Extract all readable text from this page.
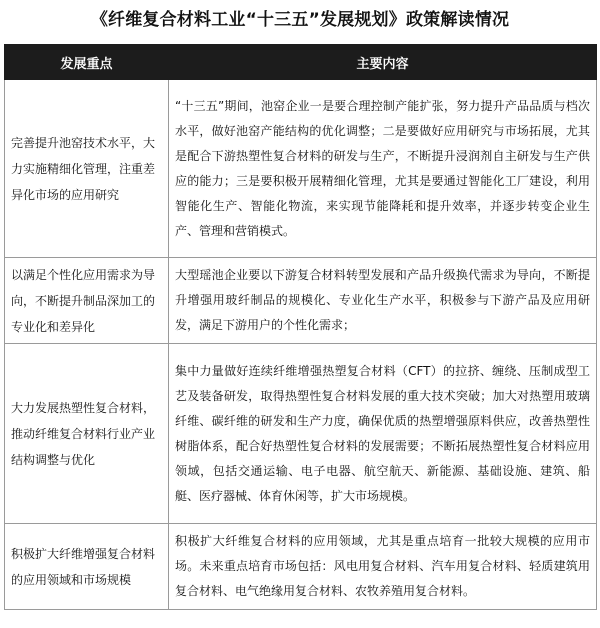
《纤维复合材料工业“十三五”发展规划》政策解读情况
发展重点	主要内容
完善提升池窑技术水平，大力实施精细化管理，注重差异化市场的应用研究	“十三五”期间，池窑企业一是要合理控制产能扩张，努力提升产品品质与档次水平，做好池窑产能结构的优化调整；二是要做好应用研究与市场拓展，尤其是配合下游热塑性复合材料的研发与生产，不断提升浸润剂自主研发与生产供应的能力；三是要积极开展精细化管理，尤其是要通过智能化工厂建设，利用智能化生产、智能化物流，来实现节能降耗和提升效率，并逐步转变企业生产、管理和营销模式。
以满足个性化应用需求为导向，不断提升制品深加工的专业化和差异化	大型瑶池企业要以下游复合材料转型发展和产品升级换代需求为导向，不断提升增强用玻纤制品的规模化、专业化生产水平，积极参与下游产品及应用研发，满足下游用户的个性化需求；
大力发展热塑性复合材料，推动纤维复合材料行业产业结构调整与优化	集中力量做好连续纤维增强热塑复合材料（CFT）的拉挤、缠绕、压制成型工艺及装备研发，取得热塑性复合材料发展的重大技术突破；加大对热塑用玻璃纤维、碳纤维的研发和生产力度，确保优质的热塑增强原料供应，改善热塑性树脂体系，配合好热塑性复合材料的发展需要；不断拓展热塑性复合材料应用领域，包括交通运输、电子电器、航空航天、新能源、基础设施、建筑、船艇、医疗器械、体育休闲等，扩大市场规模。
积极扩大纤维增强复合材料的应用领域和市场规模	积极扩大纤维复合材料的应用领域，尤其是重点培育一批较大规模的应用市场。未来重点培育市场包括：风电用复合材料、汽车用复合材料、轻质建筑用复合材料、电气绝缘用复合材料、农牧养殖用复合材料。
